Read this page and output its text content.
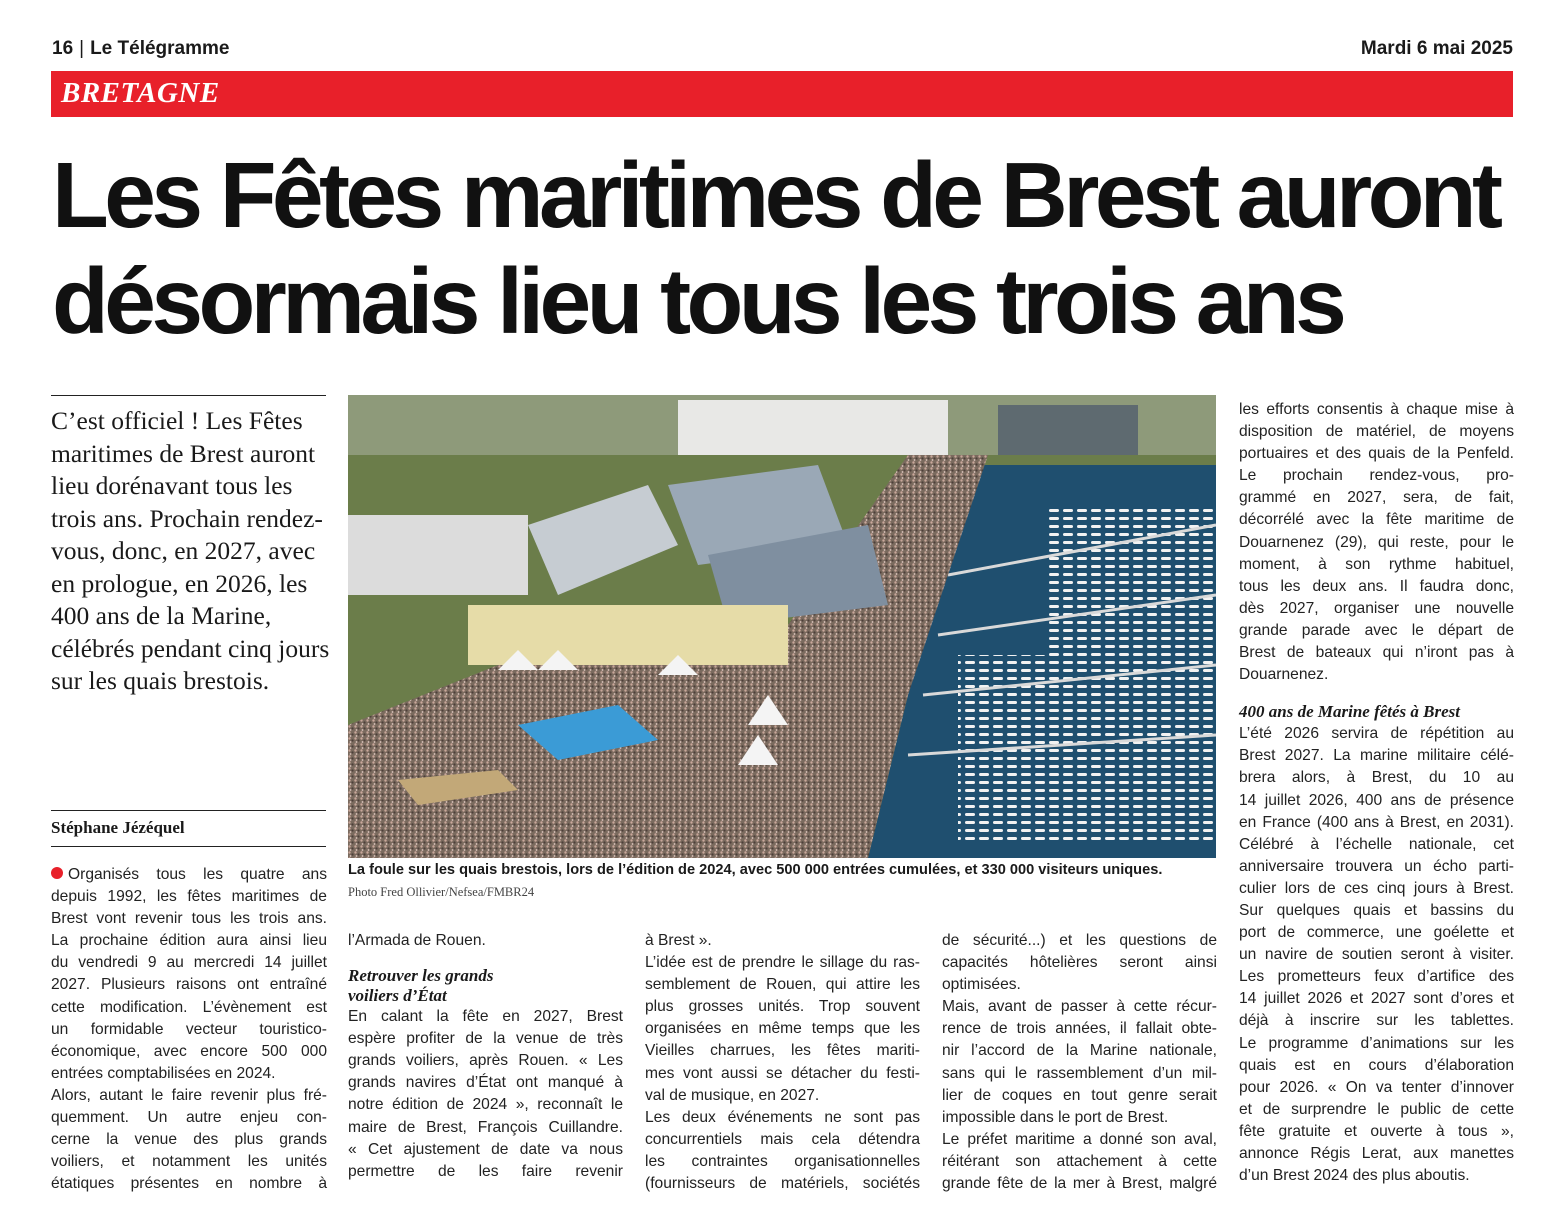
16 | Le Télégramme	Mardi 6 mai 2025
BRETAGNE
Les Fêtes maritimes de Brest auront
désormais lieu tous les trois ans
C’est officiel ! Les Fêtes maritimes de Brest auront lieu dorénavant tous les trois ans. Prochain rendez-vous, donc, en 2027, avec en prologue, en 2026, les 400 ans de la Marine, célébrés pendant cinq jours sur les quais brestois.
Stéphane Jézéquel
La foule sur les quais brestois, lors de l’édition de 2024, avec 500 000 entrées cumulées, et 330 000 visiteurs uniques.
Photo Fred Ollivier/Nefsea/FMBR24
Organisés tous les quatre ans
depuis 1992, les fêtes maritimes de
Brest vont revenir tous les trois ans.
La prochaine édition aura ainsi lieu
du vendredi 9 au mercredi 14 juillet
2027. Plusieurs raisons ont entraîné
cette modification. L’évènement est
un formidable vecteur touristico-
économique, avec encore 500 000
entrées comptabilisées en 2024.
Alors, autant le faire revenir plus fré-
quemment. Un autre enjeu con-
cerne la venue des plus grands
voiliers, et notamment les unités
étatiques présentes en nombre à
l’Armada de Rouen.
Retrouver les grands
voiliers d’État
En calant la fête en 2027, Brest
espère profiter de la venue de très
grands voiliers, après Rouen. « Les
grands navires d’État ont manqué à
notre édition de 2024 », reconnaît le
maire de Brest, François Cuillandre.
« Cet ajustement de date va nous
permettre de les faire revenir
à Brest ».
L’idée est de prendre le sillage du ras-
semblement de Rouen, qui attire les
plus grosses unités. Trop souvent
organisées en même temps que les
Vieilles charrues, les fêtes mariti-
mes vont aussi se détacher du festi-
val de musique, en 2027.
Les deux événements ne sont pas
concurrentiels mais cela détendra
les contraintes organisationnelles
(fournisseurs de matériels, sociétés
de sécurité...) et les questions de
capacités hôtelières seront ainsi
optimisées.
Mais, avant de passer à cette récur-
rence de trois années, il fallait obte-
nir l’accord de la Marine nationale,
sans qui le rassemblement d’un mil-
lier de coques en tout genre serait
impossible dans le port de Brest.
Le préfet maritime a donné son aval,
réitérant son attachement à cette
grande fête de la mer à Brest, malgré
les efforts consentis à chaque mise à
disposition de matériel, de moyens
portuaires et des quais de la Penfeld.
Le prochain rendez-vous, pro-
grammé en 2027, sera, de fait,
décorrélé avec la fête maritime de
Douarnenez (29), qui reste, pour le
moment, à son rythme habituel,
tous les deux ans. Il faudra donc,
dès 2027, organiser une nouvelle
grande parade avec le départ de
Brest de bateaux qui n’iront pas à
Douarnenez.
400 ans de Marine fêtés à Brest
L’été 2026 servira de répétition au
Brest 2027. La marine militaire célé-
brera alors, à Brest, du 10 au
14 juillet 2026, 400 ans de présence
en France (400 ans à Brest, en 2031).
Célébré à l’échelle nationale, cet
anniversaire trouvera un écho parti-
culier lors de ces cinq jours à Brest.
Sur quelques quais et bassins du
port de commerce, une goélette et
un navire de soutien seront à visiter.
Les prometteurs feux d’artifice des
14 juillet 2026 et 2027 sont d’ores et
déjà à inscrire sur les tablettes.
Le programme d’animations sur les
quais est en cours d’élaboration
pour 2026. « On va tenter d’innover
et de surprendre le public de cette
fête gratuite et ouverte à tous »,
annonce Régis Lerat, aux manettes
d’un Brest 2024 des plus aboutis.
